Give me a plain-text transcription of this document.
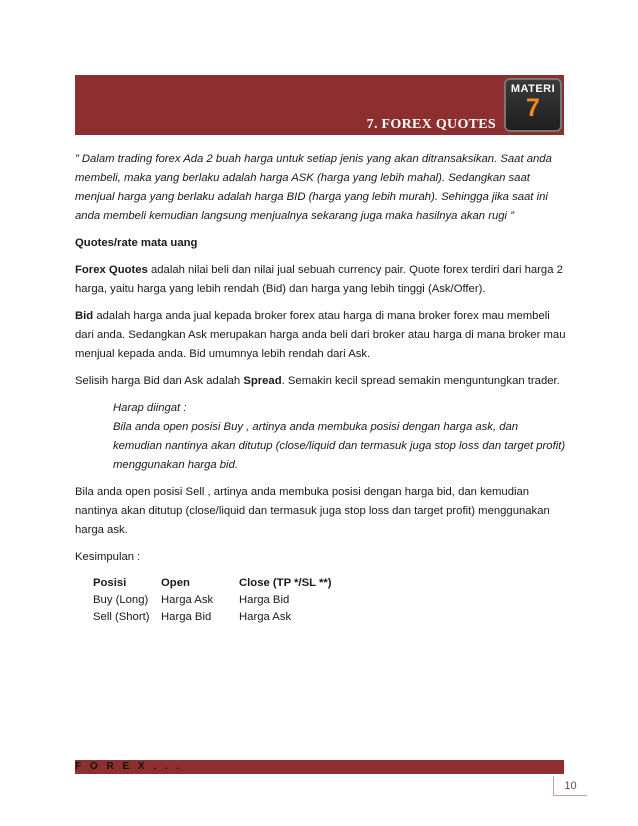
7. FOREX QUOTES
MATERI
7

” Dalam trading forex Ada 2 buah harga untuk setiap jenis yang akan ditransaksikan. Saat anda membeli, maka yang berlaku adalah harga ASK (harga yang lebih mahal). Sedangkan saat menjual harga yang berlaku adalah harga BID (harga yang lebih murah). Sehingga jika saat ini anda membeli kemudian langsung menjualnya sekarang juga maka hasilnya akan rugi ”

Quotes/rate mata uang

Forex Quotes adalah nilai beli dan nilai jual sebuah currency pair. Quote forex terdiri dari harga 2 harga, yaitu harga yang lebih rendah (Bid) dan harga yang lebih tinggi (Ask/Offer).

Bid adalah harga anda jual kepada broker forex atau harga di mana broker forex mau membeli dari anda. Sedangkan Ask merupakan harga anda beli dari broker atau harga di mana broker mau menjual kepada anda. Bid umumnya lebih rendah dari Ask.

Selisih harga Bid dan Ask adalah Spread. Semakin kecil spread semakin menguntungkan trader.

Harap diingat :
Bila anda open posisi Buy , artinya anda membuka posisi dengan harga ask, dan kemudian nantinya akan ditutup (close/liquid dan termasuk juga stop loss dan target profit) menggunakan harga bid.

Bila anda open posisi Sell , artinya anda membuka posisi dengan harga bid, dan kemudian nantinya akan ditutup (close/liquid dan termasuk juga stop loss dan target profit) menggunakan harga ask.

Kesimpulan :

Posisi	Open	Close (TP */SL **)
Buy (Long)	Harga Ask	Harga Bid
Sell (Short)	Harga Bid	Harga Ask
F O R E X . . .
10
